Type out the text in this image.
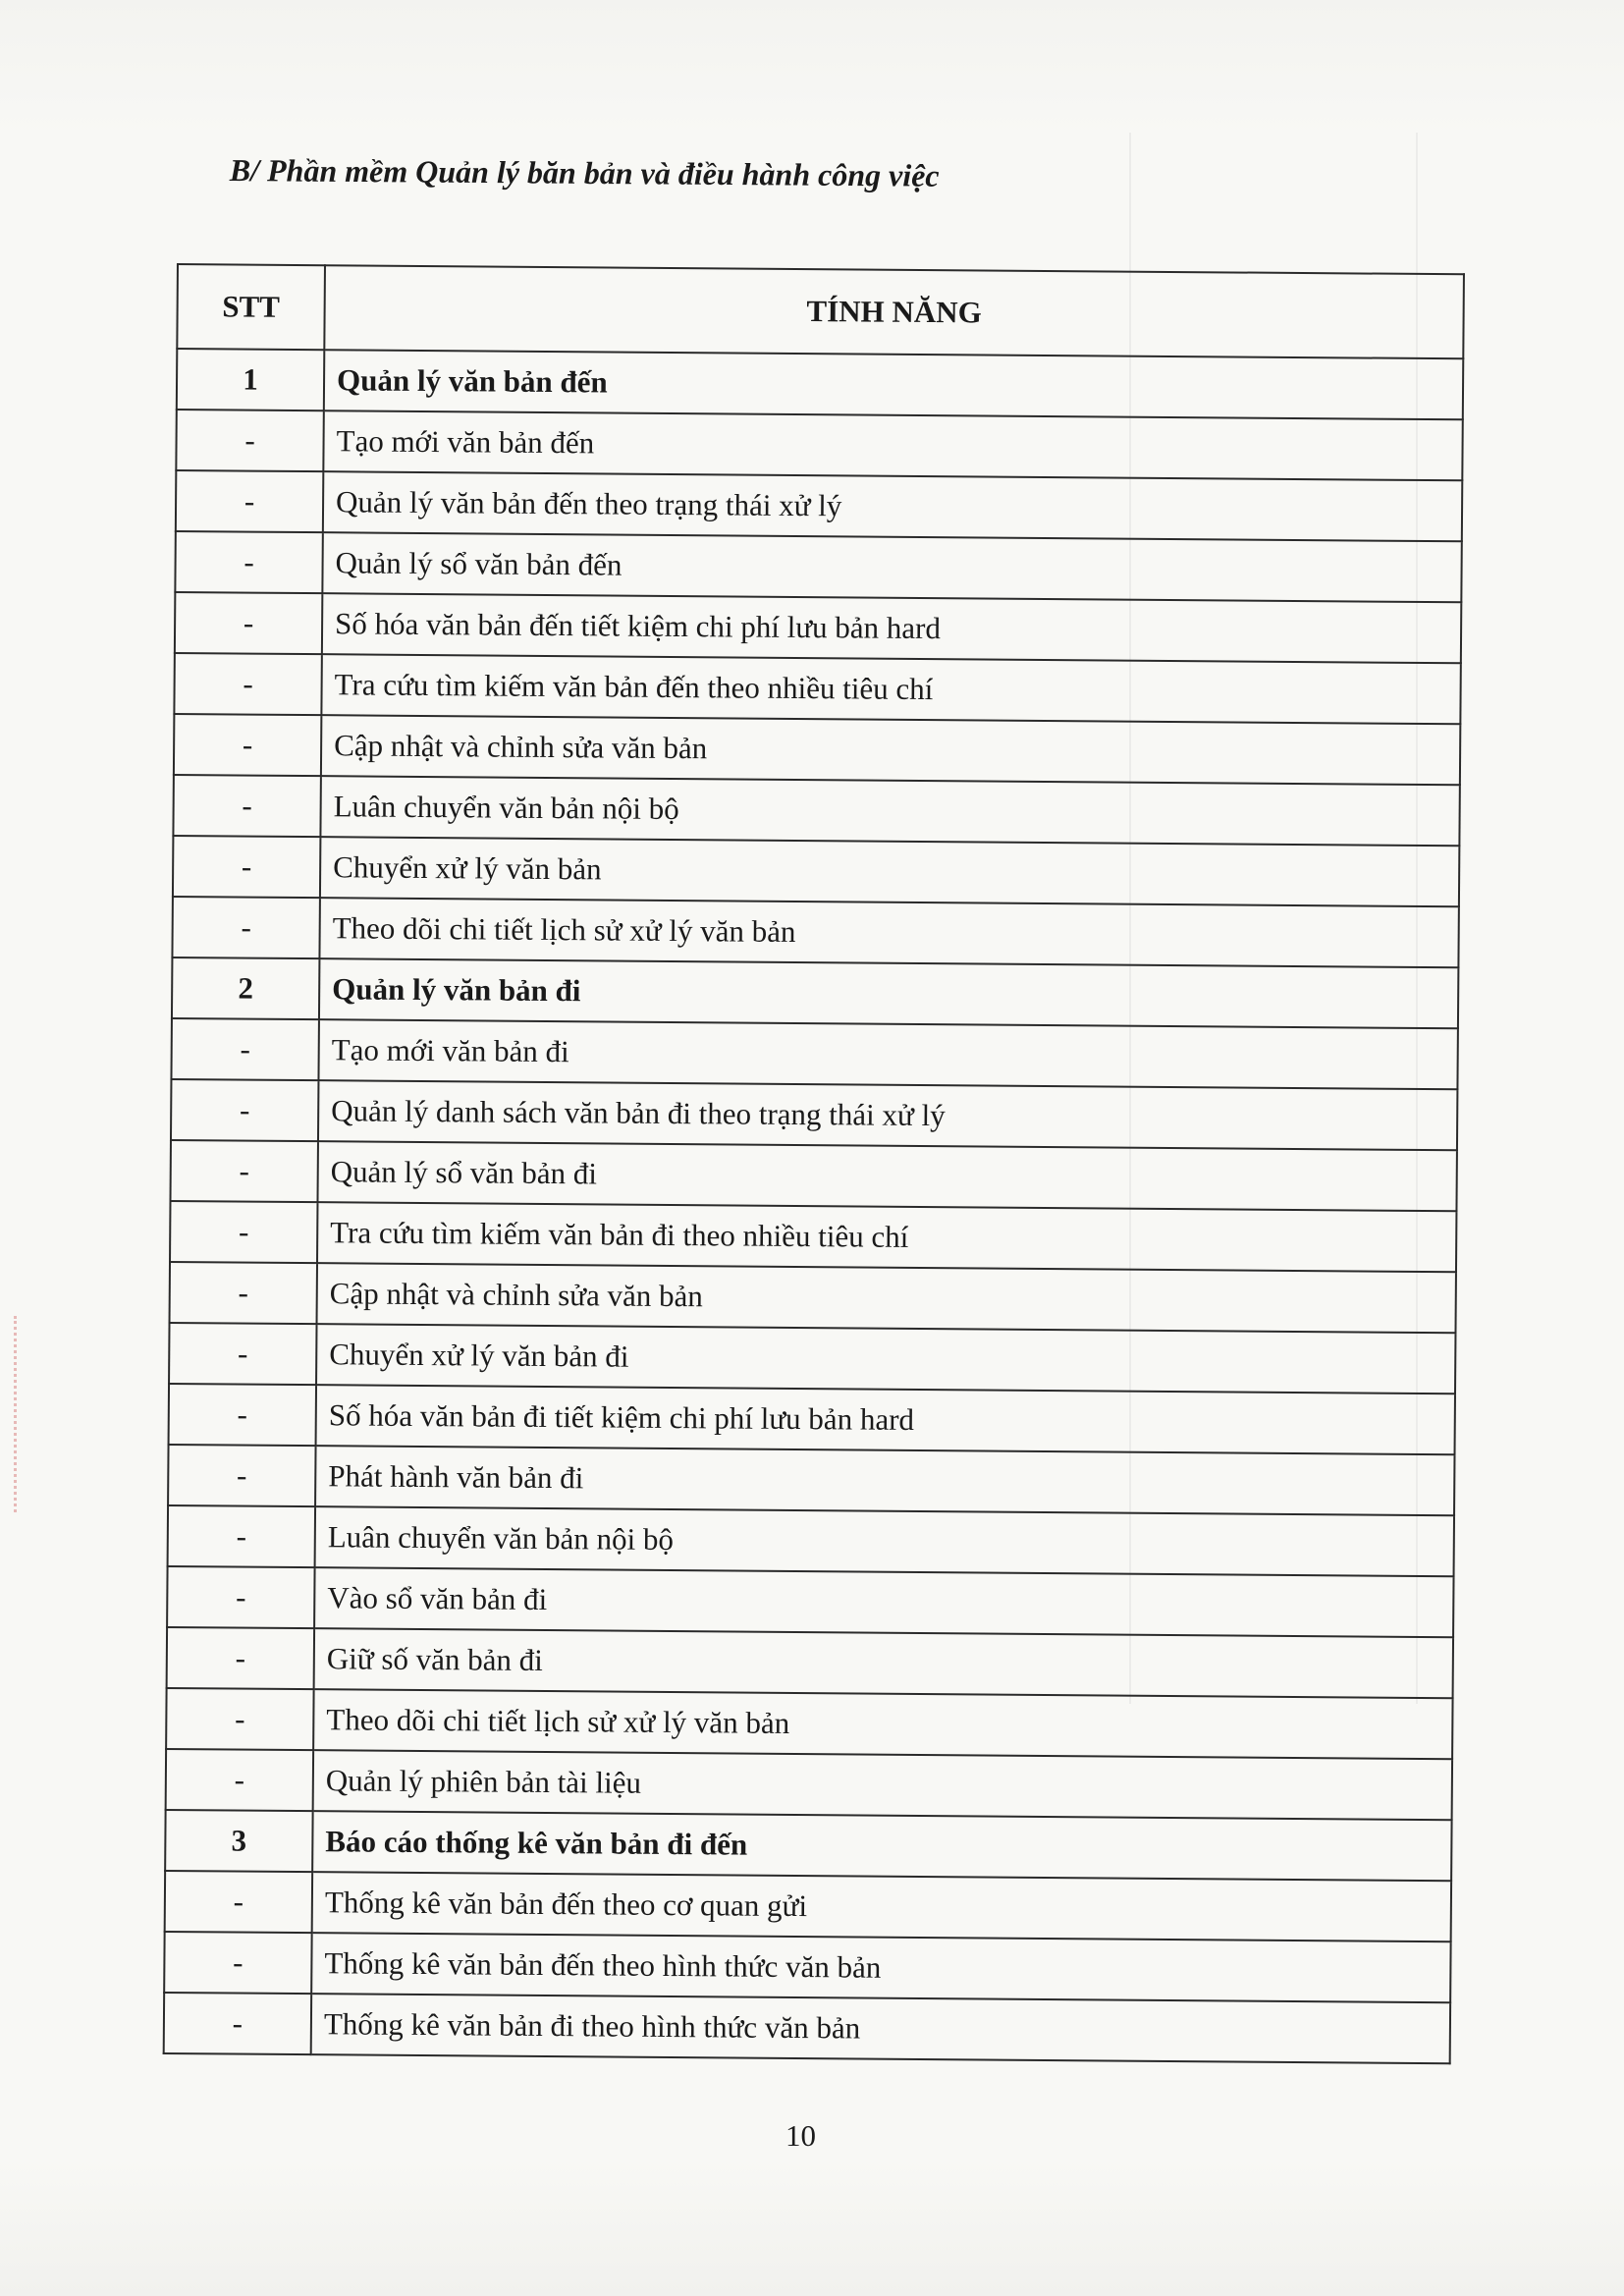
B/ Phần mềm Quản lý băn bản và điều hành công việc
STT	TÍNH NĂNG
1	Quản lý văn bản đến
-	Tạo mới văn bản đến
-	Quản lý văn bản đến theo trạng thái xử lý
-	Quản lý sổ văn bản đến
-	Số hóa văn bản đến tiết kiệm chi phí lưu bản hard
-	Tra cứu tìm kiếm văn bản đến theo nhiều tiêu chí
-	Cập nhật và chỉnh sửa văn bản
-	Luân chuyển văn bản nội bộ
-	Chuyển xử lý văn bản
-	Theo dõi chi tiết lịch sử xử lý văn bản
2	Quản lý văn bản đi
-	Tạo mới văn bản đi
-	Quản lý danh sách văn bản đi theo trạng thái xử lý
-	Quản lý sổ văn bản đi
-	Tra cứu tìm kiếm văn bản đi theo nhiều tiêu chí
-	Cập nhật và chỉnh sửa văn bản
-	Chuyển xử lý văn bản đi
-	Số hóa văn bản đi tiết kiệm chi phí lưu bản hard
-	Phát hành văn bản đi
-	Luân chuyển văn bản nội bộ
-	Vào sổ văn bản đi
-	Giữ số văn bản đi
-	Theo dõi chi tiết lịch sử xử lý văn bản
-	Quản lý phiên bản tài liệu
3	Báo cáo thống kê văn bản đi đến
-	Thống kê văn bản đến theo cơ quan gửi
-	Thống kê văn bản đến theo hình thức văn bản
-	Thống kê văn bản đi theo hình thức văn bản
10
